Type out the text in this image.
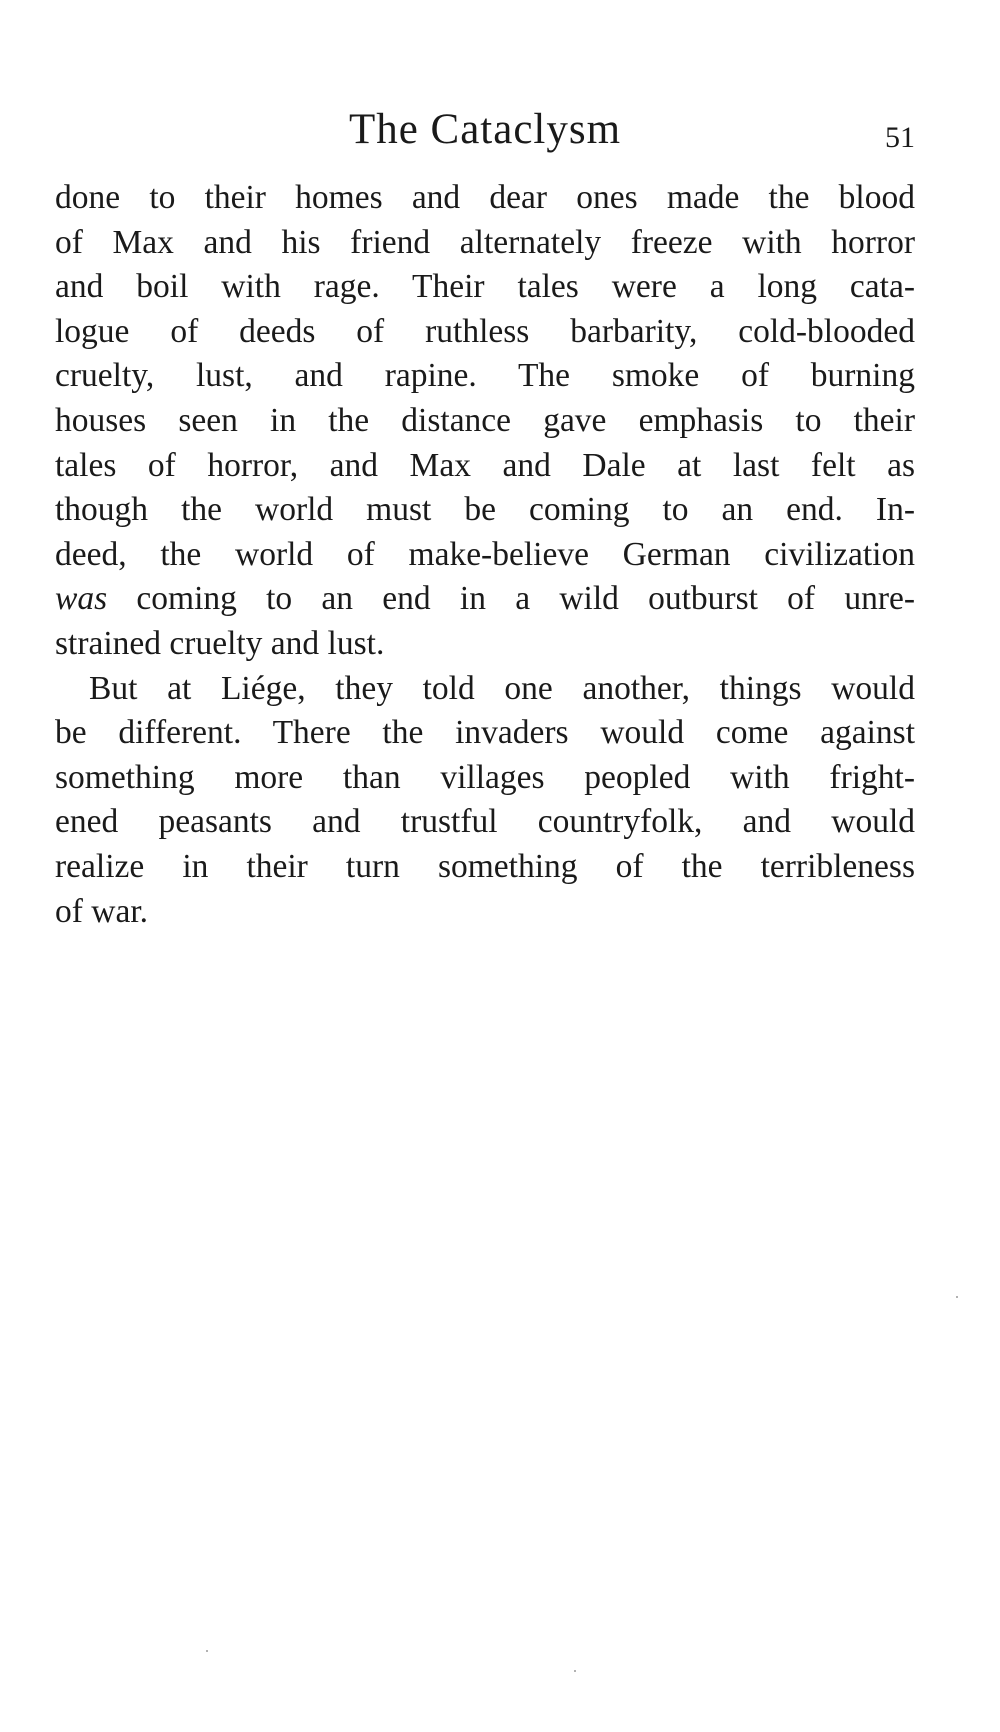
The Cataclysm	51
done to their homes and dear ones made the blood
of Max and his friend alternately freeze with horror
and boil with rage. Their tales were a long cata-
logue of deeds of ruthless barbarity, cold-blooded
cruelty, lust, and rapine. The smoke of burning
houses seen in the distance gave emphasis to their
tales of horror, and Max and Dale at last felt as
though the world must be coming to an end. In-
deed, the world of make-believe German civilization
was coming to an end in a wild outburst of unre-
strained cruelty and lust.
But at Liége, they told one another, things would
be different. There the invaders would come against
something more than villages peopled with fright-
ened peasants and trustful countryfolk, and would
realize in their turn something of the terribleness
of war.
